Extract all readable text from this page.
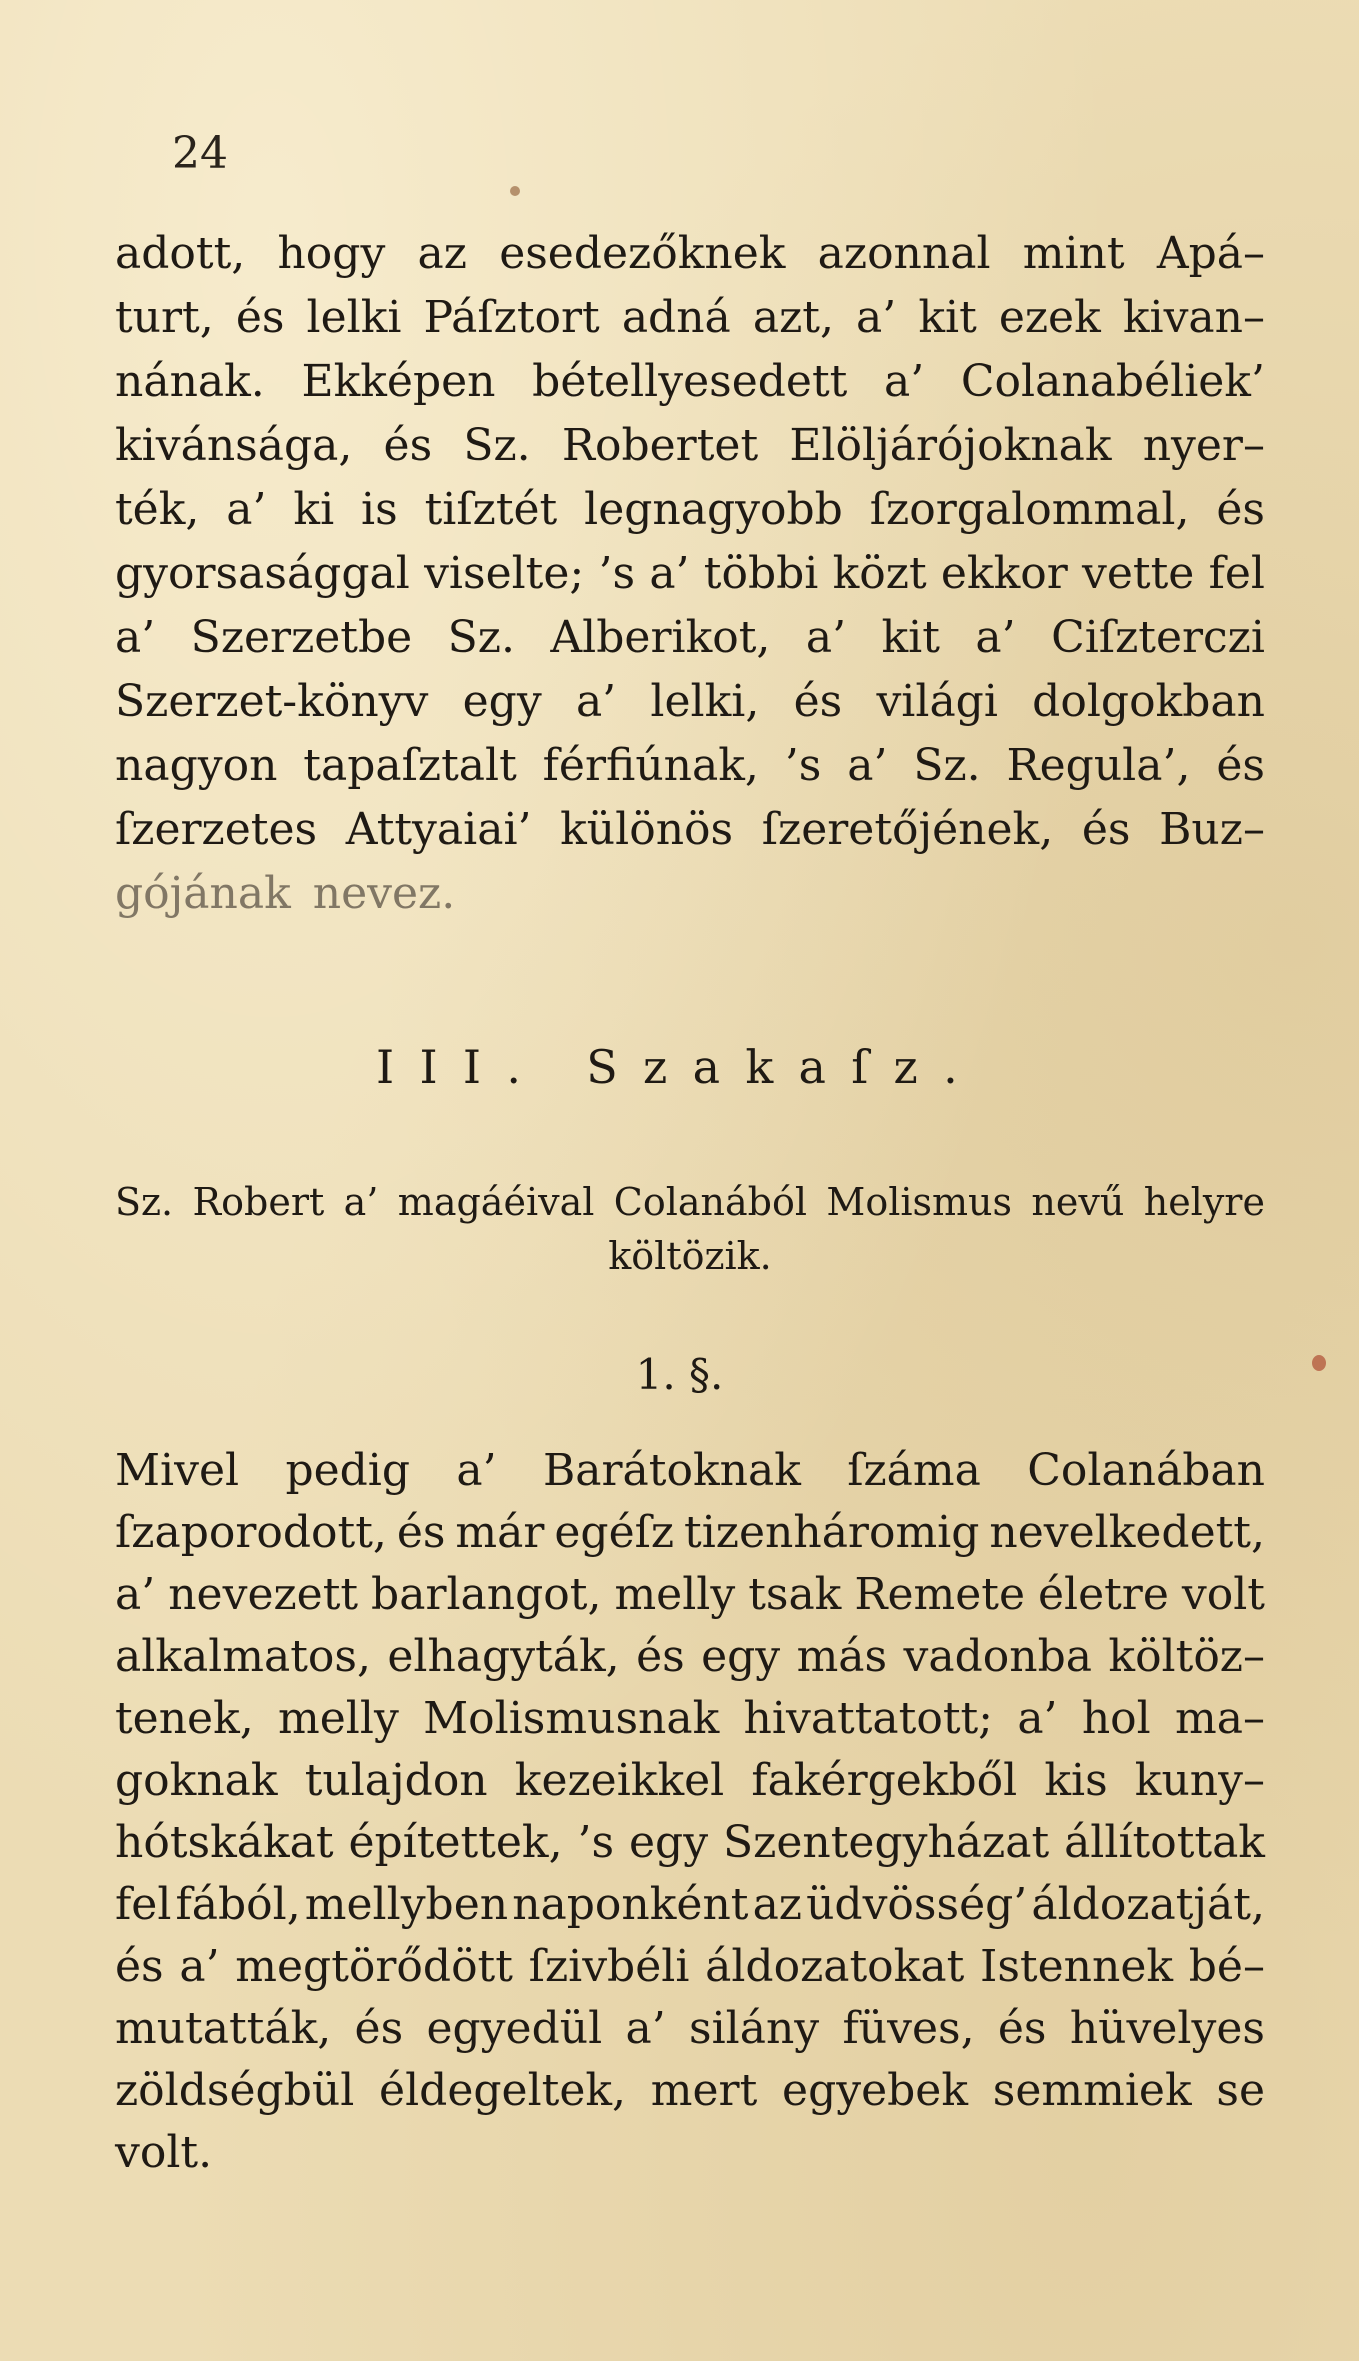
24
adott, hogy az esedezőknek azonnal mint Apá–
turt, és lelki Páſztort adná azt, a’ kit ezek kivan–
nának. Ekképen bétellyesedett a’ Colanabéliek’
kivánsága, és Sz. Robertet Elöljárójoknak nyer–
ték, a’ ki is tiſztét legnagyobb ſzorgalommal, és
gyorsasággal viselte; ’s a’ többi közt ekkor vette fel
a’ Szerzetbe Sz. Alberikot, a’ kit a’ Ciſzterczi
Szerzet-könyv egy a’ lelki, és világi dolgokban
nagyon tapaſztalt férfiúnak, ’s a’ Sz. Regula’, és
ſzerzetes Attyaiai’ különös ſzeretőjének, és Buz–
gójának nevez.
III. Szakaſz.
Sz. Robert a’ magáéival Colanából Molismus nevű helyre
költözik.
1. §.
Mivel pedig a’ Barátoknak ſzáma Colanában
ſzaporodott, és már egéſz tizenháromig nevelkedett,
a’ nevezett barlangot, melly tsak Remete életre volt
alkalmatos, elhagyták, és egy más vadonba költöz–
tenek, melly Molismusnak hivattatott; a’ hol ma–
goknak tulajdon kezeikkel fakérgekből kis kuny–
hótskákat építettek, ’s egy Szentegyházat állítottak
fel fából, mellyben naponként az üdvösség’ áldozatját,
és a’ megtörődött ſzivbéli áldozatokat Istennek bé–
mutatták, és egyedül a’ silány füves, és hüvelyes
zöldségbül éldegeltek, mert egyebek semmiek se
volt.
